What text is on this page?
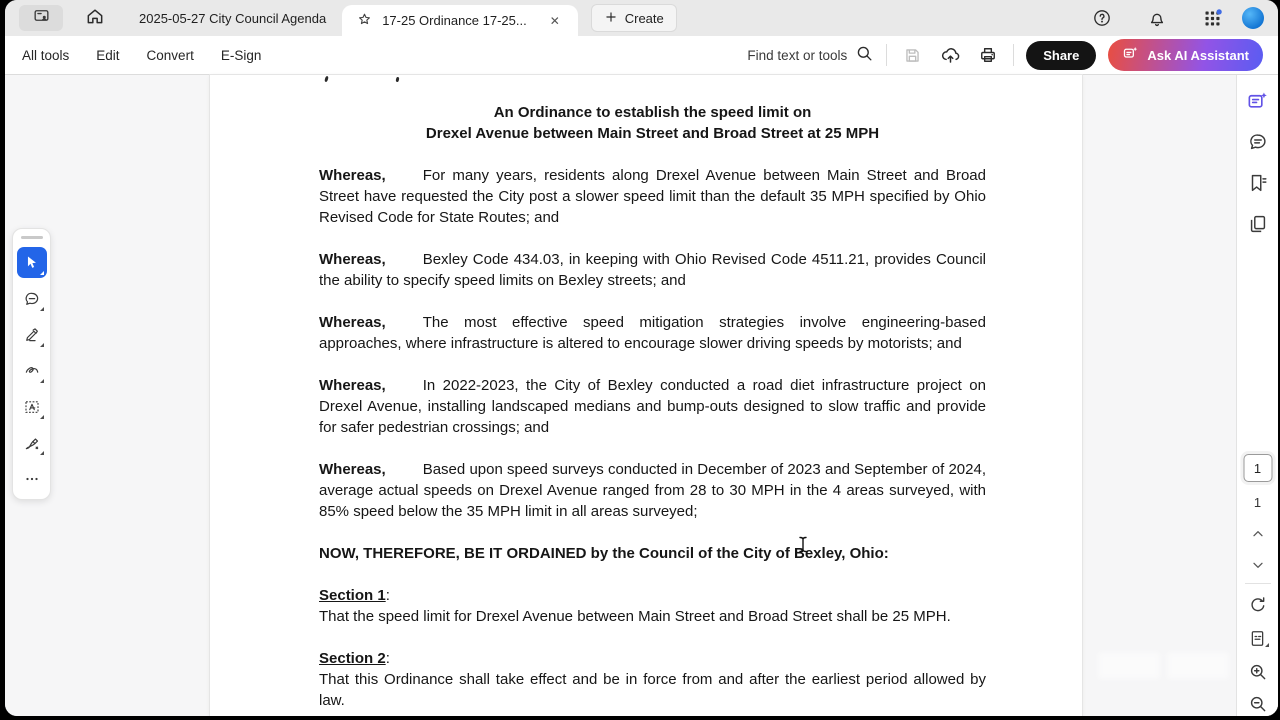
2025-05-27 City Council Agenda	17-25 Ordinance 17-25...	✕	Create
All tools Edit Convert E-Sign	Find text or tools	Share	Ask AI Assistant
An Ordinance to establish the speed limit on
Drexel Avenue between Main Street and Broad Street at 25 MPH

Whereas, For many years, residents along Drexel Avenue between Main Street and Broad Street have requested the City post a slower speed limit than the default 35 MPH specified by Ohio Revised Code for State Routes; and

Whereas, Bexley Code 434.03, in keeping with Ohio Revised Code 4511.21, provides Council the ability to specify speed limits on Bexley streets; and

Whereas, The most effective speed mitigation strategies involve engineering-based approaches, where infrastructure is altered to encourage slower driving speeds by motorists; and

Whereas, In 2022-2023, the City of Bexley conducted a road diet infrastructure project on Drexel Avenue, installing landscaped medians and bump-outs designed to slow traffic and provide for safer pedestrian crossings; and

Whereas, Based upon speed surveys conducted in December of 2023 and September of 2024, average actual speeds on Drexel Avenue ranged from 28 to 30 MPH in the 4 areas surveyed, with 85% speed below the 35 MPH limit in all areas surveyed;

NOW, THEREFORE, BE IT ORDAINED by the Council of the City of Bexley, Ohio:

Section 1:
That the speed limit for Drexel Avenue between Main Street and Broad Street shall be 25 MPH.
Section 2:
That this Ordinance shall take effect and be in force from and after the earliest period allowed by law.
1
1
